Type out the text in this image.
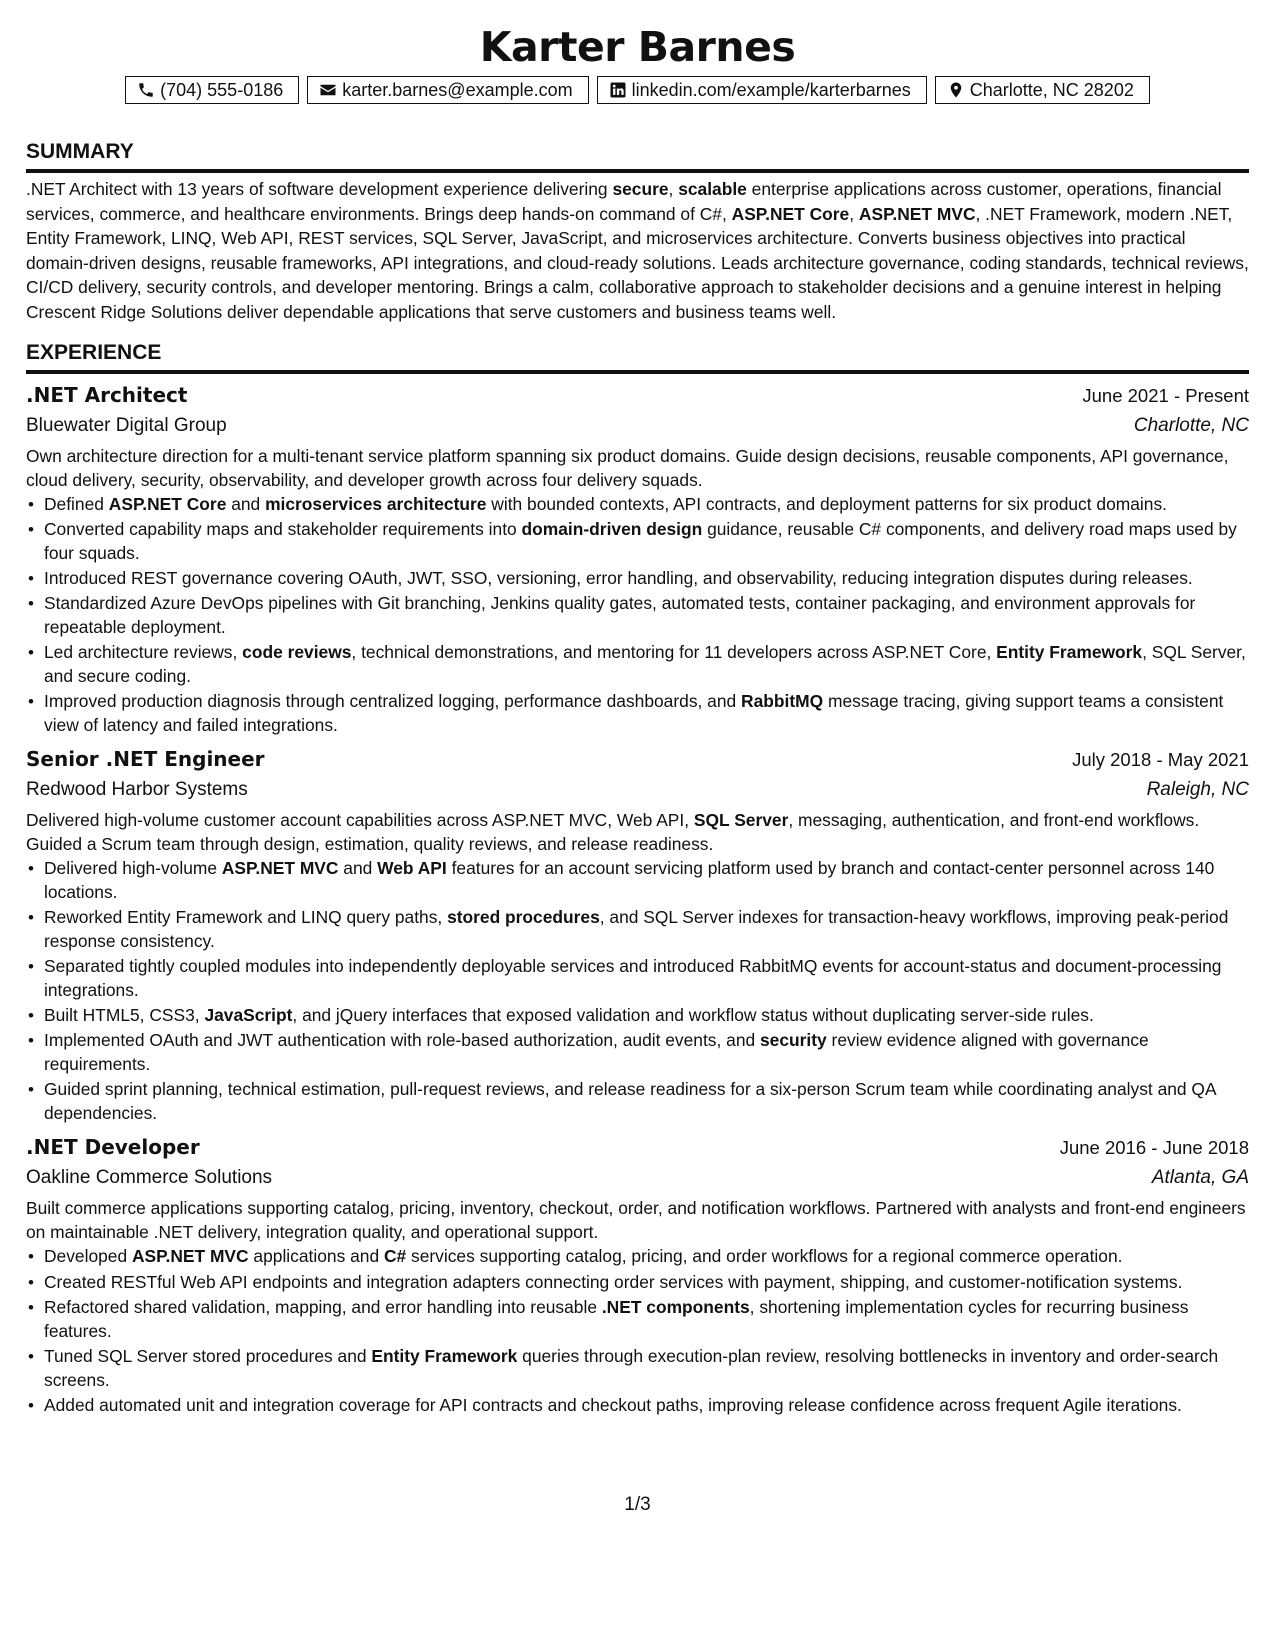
Karter Barnes
(704) 555-0186	karter.barnes@example.com	linkedin.com/example/karterbarnes	Charlotte, NC 28202
SUMMARY
.NET Architect with 13 years of software development experience delivering secure, scalable enterprise applications across customer, operations, financial services, commerce, and healthcare environments. Brings deep hands-on command of C#, ASP.NET Core, ASP.NET MVC, .NET Framework, modern .NET, Entity Framework, LINQ, Web API, REST services, SQL Server, JavaScript, and microservices architecture. Converts business objectives into practical domain-driven designs, reusable frameworks, API integrations, and cloud-ready solutions. Leads architecture governance, coding standards, technical reviews, CI/CD delivery, security controls, and developer mentoring. Brings a calm, collaborative approach to stakeholder decisions and a genuine interest in helping Crescent Ridge Solutions deliver dependable applications that serve customers and business teams well.
EXPERIENCE
.NET Architect	June 2021 - Present
Bluewater Digital Group	Charlotte, NC
Own architecture direction for a multi-tenant service platform spanning six product domains. Guide design decisions, reusable components, API governance, cloud delivery, security, observability, and developer growth across four delivery squads.
• Defined ASP.NET Core and microservices architecture with bounded contexts, API contracts, and deployment patterns for six product domains.
• Converted capability maps and stakeholder requirements into domain-driven design guidance, reusable C# components, and delivery road maps used by four squads.
• Introduced REST governance covering OAuth, JWT, SSO, versioning, error handling, and observability, reducing integration disputes during releases.
• Standardized Azure DevOps pipelines with Git branching, Jenkins quality gates, automated tests, container packaging, and environment approvals for repeatable deployment.
• Led architecture reviews, code reviews, technical demonstrations, and mentoring for 11 developers across ASP.NET Core, Entity Framework, SQL Server, and secure coding.
• Improved production diagnosis through centralized logging, performance dashboards, and RabbitMQ message tracing, giving support teams a consistent view of latency and failed integrations.
Senior .NET Engineer	July 2018 - May 2021
Redwood Harbor Systems	Raleigh, NC
Delivered high-volume customer account capabilities across ASP.NET MVC, Web API, SQL Server, messaging, authentication, and front-end workflows. Guided a Scrum team through design, estimation, quality reviews, and release readiness.
• Delivered high-volume ASP.NET MVC and Web API features for an account servicing platform used by branch and contact-center personnel across 140 locations.
• Reworked Entity Framework and LINQ query paths, stored procedures, and SQL Server indexes for transaction-heavy workflows, improving peak-period response consistency.
• Separated tightly coupled modules into independently deployable services and introduced RabbitMQ events for account-status and document-processing integrations.
• Built HTML5, CSS3, JavaScript, and jQuery interfaces that exposed validation and workflow status without duplicating server-side rules.
• Implemented OAuth and JWT authentication with role-based authorization, audit events, and security review evidence aligned with governance requirements.
• Guided sprint planning, technical estimation, pull-request reviews, and release readiness for a six-person Scrum team while coordinating analyst and QA dependencies.
.NET Developer	June 2016 - June 2018
Oakline Commerce Solutions	Atlanta, GA
Built commerce applications supporting catalog, pricing, inventory, checkout, order, and notification workflows. Partnered with analysts and front-end engineers on maintainable .NET delivery, integration quality, and operational support.
• Developed ASP.NET MVC applications and C# services supporting catalog, pricing, and order workflows for a regional commerce operation.
• Created RESTful Web API endpoints and integration adapters connecting order services with payment, shipping, and customer-notification systems.
• Refactored shared validation, mapping, and error handling into reusable .NET components, shortening implementation cycles for recurring business features.
• Tuned SQL Server stored procedures and Entity Framework queries through execution-plan review, resolving bottlenecks in inventory and order-search screens.
• Added automated unit and integration coverage for API contracts and checkout paths, improving release confidence across frequent Agile iterations.
1/3
